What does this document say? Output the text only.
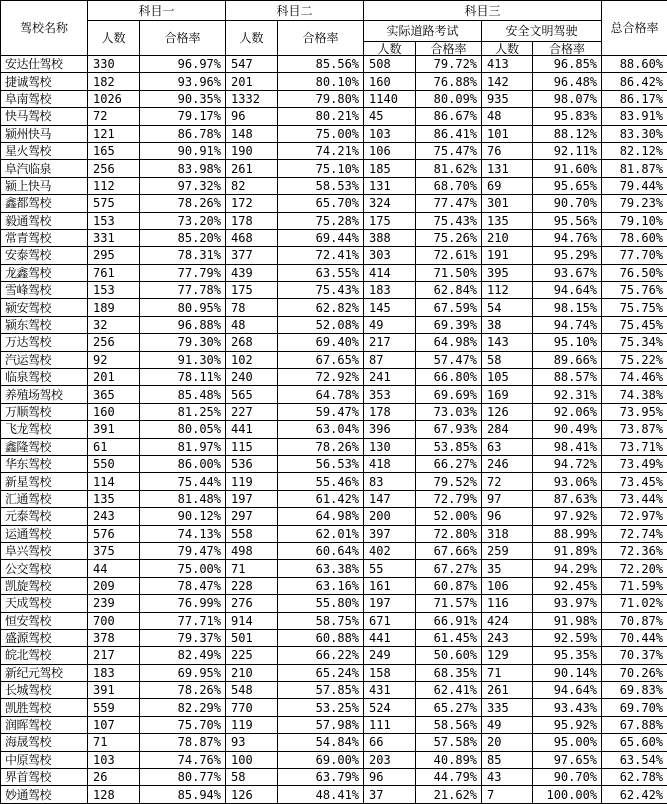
驾校名称	科目一		科目二		科目三				总合格率
	人数	合格率	人数	合格率	实际道路考试		安全文明驾驶		
					人数	合格率	人数	合格率	
安达仕驾校	330	96.97%	547	85.56%	508	79.72%	413	96.85%	88.60%
捷诚驾校	182	93.96%	201	80.10%	160	76.88%	142	96.48%	86.42%
阜南驾校	1026	90.35%	1332	79.80%	1140	80.09%	935	98.07%	86.17%
快马驾校	72	79.17%	96	80.21%	45	86.67%	48	95.83%	83.91%
颍州快马	121	86.78%	148	75.00%	103	86.41%	101	88.12%	83.30%
星火驾校	165	90.91%	190	74.21%	106	75.47%	76	92.11%	82.12%
阜汽临泉	256	83.98%	261	75.10%	185	81.62%	131	91.60%	81.87%
颍上快马	112	97.32%	82	58.53%	131	68.70%	69	95.65%	79.44%
鑫都驾校	575	78.26%	172	65.70%	324	77.47%	301	90.70%	79.23%
毅通驾校	153	73.20%	178	75.28%	175	75.43%	135	95.56%	79.10%
常青驾校	331	85.20%	468	69.44%	388	75.26%	210	94.76%	78.60%
安泰驾校	295	78.31%	377	72.41%	303	72.61%	191	95.29%	77.70%
龙鑫驾校	761	77.79%	439	63.55%	414	71.50%	395	93.67%	76.50%
雪峰驾校	153	77.78%	175	75.43%	183	62.84%	112	94.64%	75.76%
颍安驾校	189	80.95%	78	62.82%	145	67.59%	54	98.15%	75.75%
颍东驾校	32	96.88%	48	52.08%	49	69.39%	38	94.74%	75.45%
万达驾校	256	79.30%	268	69.40%	217	64.98%	143	95.10%	75.34%
汽运驾校	92	91.30%	102	67.65%	87	57.47%	58	89.66%	75.22%
临泉驾校	201	78.11%	240	72.92%	241	66.80%	105	88.57%	74.46%
养殖场驾校	365	85.48%	565	64.78%	353	69.69%	169	92.31%	74.38%
万顺驾校	160	81.25%	227	59.47%	178	73.03%	126	92.06%	73.95%
飞龙驾校	391	80.05%	441	63.04%	396	67.93%	284	90.49%	73.87%
鑫隆驾校	61	81.97%	115	78.26%	130	53.85%	63	98.41%	73.71%
华东驾校	550	86.00%	536	56.53%	418	66.27%	246	94.72%	73.49%
新星驾校	114	75.44%	119	55.46%	83	79.52%	72	93.06%	73.45%
汇通驾校	135	81.48%	197	61.42%	147	72.79%	97	87.63%	73.44%
元泰驾校	243	90.12%	297	64.98%	200	52.00%	96	97.92%	72.97%
运通驾校	576	74.13%	558	62.01%	397	72.80%	318	88.99%	72.74%
阜兴驾校	375	79.47%	498	60.64%	402	67.66%	259	91.89%	72.36%
公交驾校	44	75.00%	71	63.38%	55	67.27%	35	94.29%	72.20%
凯旋驾校	209	78.47%	228	63.16%	161	60.87%	106	92.45%	71.59%
天成驾校	239	76.99%	276	55.80%	197	71.57%	116	93.97%	71.02%
恒安驾校	700	77.71%	914	58.75%	671	66.91%	424	91.98%	70.87%
盛源驾校	378	79.37%	501	60.88%	441	61.45%	243	92.59%	70.44%
皖北驾校	217	82.49%	225	66.22%	249	50.60%	129	95.35%	70.37%
新纪元驾校	183	69.95%	210	65.24%	158	68.35%	71	90.14%	70.26%
长城驾校	391	78.26%	548	57.85%	431	62.41%	261	94.64%	69.83%
凯胜驾校	559	82.29%	770	53.25%	524	65.27%	335	93.43%	69.70%
润晖驾校	107	75.70%	119	57.98%	111	58.56%	49	95.92%	67.88%
海晟驾校	71	78.87%	93	54.84%	66	57.58%	20	95.00%	65.60%
中原驾校	103	74.76%	100	69.00%	203	40.89%	85	97.65%	63.54%
界首驾校	26	80.77%	58	63.79%	96	44.79%	43	90.70%	62.78%
妙通驾校	128	85.94%	126	48.41%	37	21.62%	7	100.00%	62.42%
